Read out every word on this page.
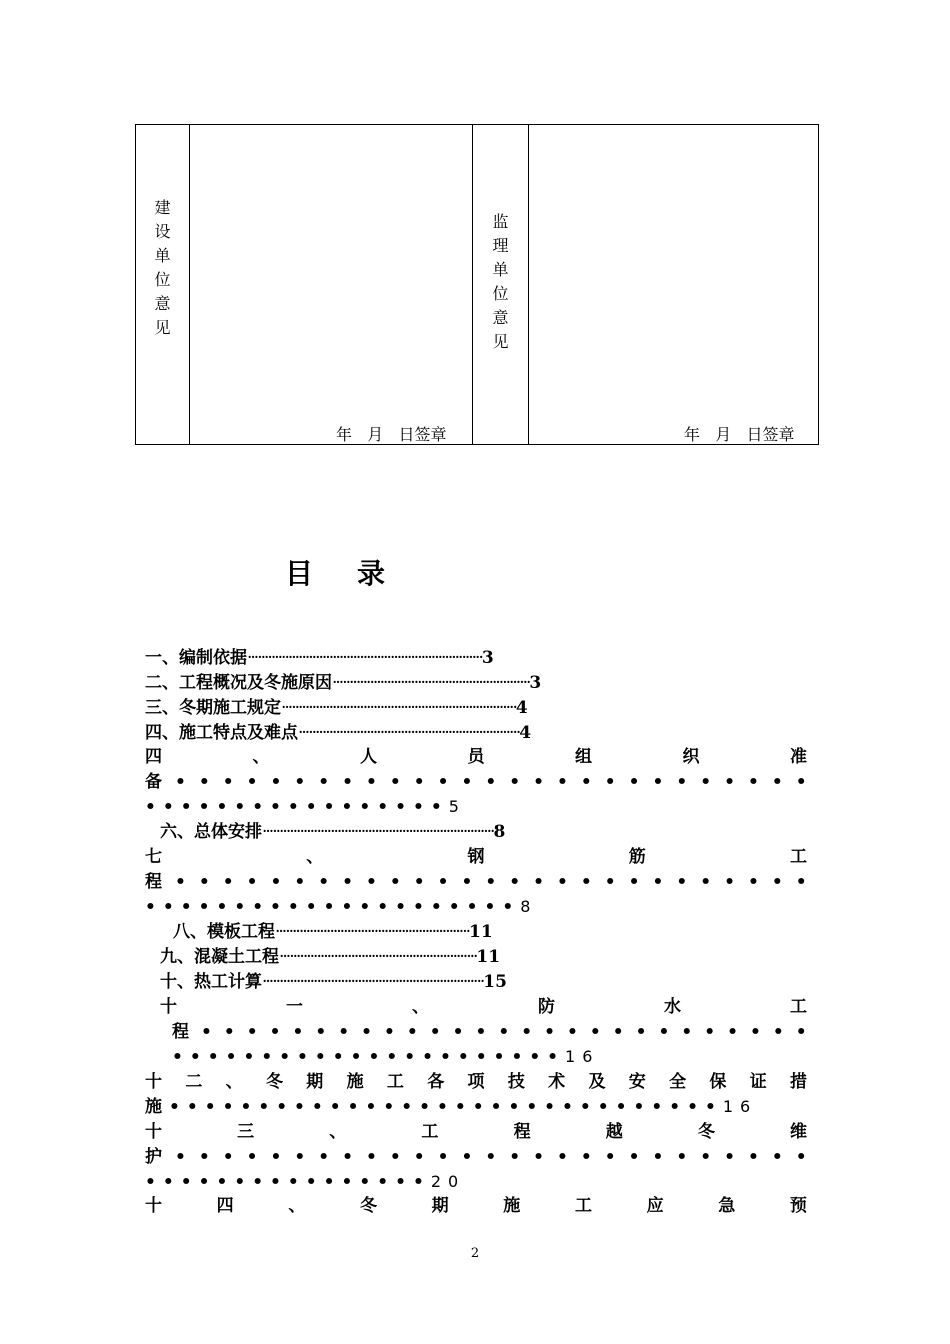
建设单位意见
年   月   日签章
监理单位意见
年   月   日签章
目录
一、编制依据·····································································3
二、工程概况及冬施原因··························································3
三、冬期施工规定·····································································4
四、施工特点及难点·································································4
四	、	人	员	组	织	准
备 • • • • • • • • • • • • • • • • • • • • • • • • • • •
•••••••••••••••••5
六、总体安排····································································8
七	、	钢	筋	工
程 • • • • • • • • • • • • • • • • • • • • • • • • • • •
•••••••••••••••••••••8
八、模板工程·························································11
九、混凝土工程··························································11
十、热工计算·································································15
十	一	、	防	水	工
程 • • • • • • • • • • • • • • • • • • • • • • • • • • •
••••••••••••••••••••••16
十 二 、 冬 期 施 工 各 项 技 术 及 安 全 保 证 措
施•••••••••••••••••••••••••••••••16
十	三	、	工	程	越	冬	维
护 • • • • • • • • • • • • • • • • • • • • • • • • • • •
••••••••••••••••20
十	四	、	冬	期	施	工	应	急	预
2
